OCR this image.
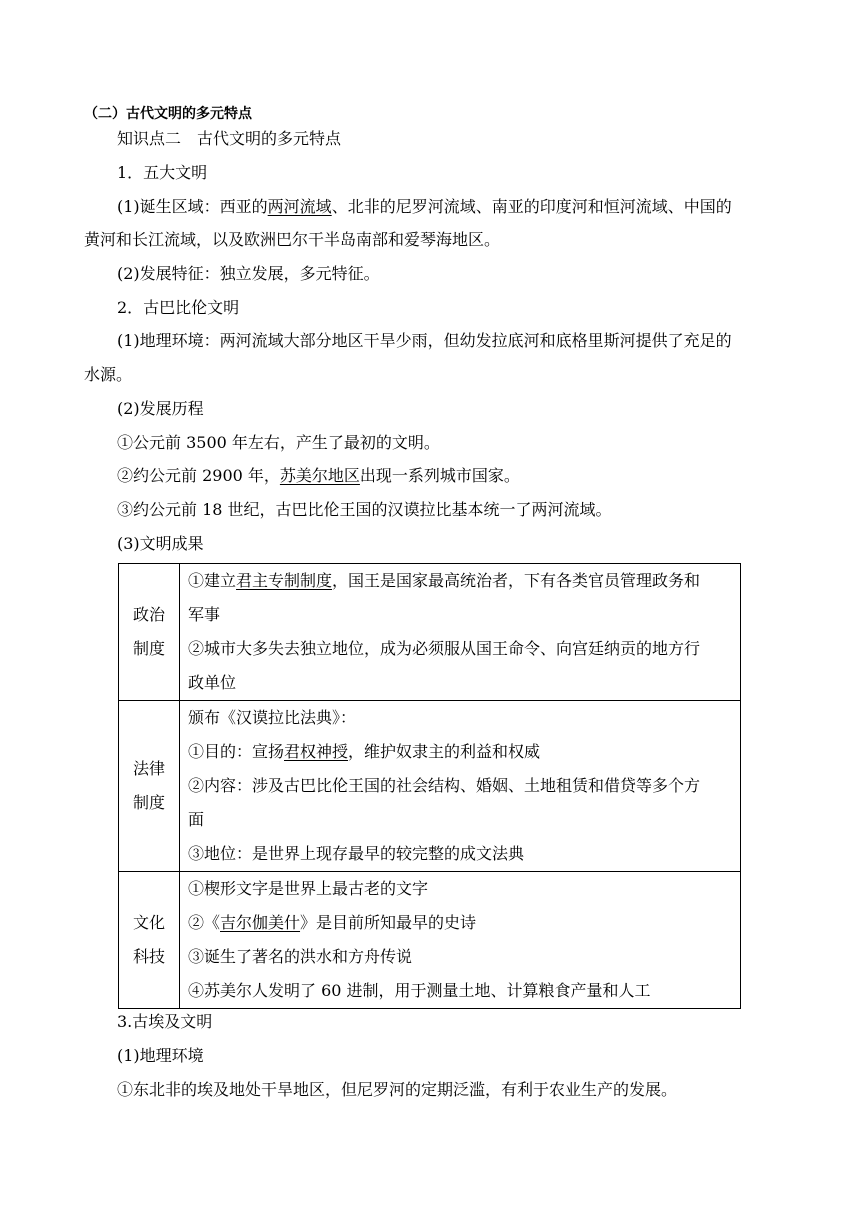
（二）古代文明的多元特点
知识点二　古代文明的多元特点
1．五大文明
(1)诞生区域：西亚的两河流域、北非的尼罗河流域、南亚的印度河和恒河流域、中国的
黄河和长江流域，以及欧洲巴尔干半岛南部和爱琴海地区。
(2)发展特征：独立发展，多元特征。
2．古巴比伦文明
(1)地理环境：两河流域大部分地区干旱少雨，但幼发拉底河和底格里斯河提供了充足的
水源。
(2)发展历程
①公元前 3500 年左右，产生了最初的文明。
②约公元前 2900 年，苏美尔地区出现一系列城市国家。
③约公元前 18 世纪，古巴比伦王国的汉谟拉比基本统一了两河流域。
(3)文明成果
政治
制度	①建立君主专制制度，国王是国家最高统治者，下有各类官员管理政务和
军事
②城市大多失去独立地位，成为必须服从国王命令、向宫廷纳贡的地方行
政单位

法律
制度	颁布《汉谟拉比法典》：
①目的：宣扬君权神授，维护奴隶主的利益和权威
②内容：涉及古巴比伦王国的社会结构、婚姻、土地租赁和借贷等多个方
面
③地位：是世界上现存最早的较完整的成文法典

文化
科技	①楔形文字是世界上最古老的文字
②《吉尔伽美什》是目前所知最早的史诗
③诞生了著名的洪水和方舟传说
④苏美尔人发明了 60 进制，用于测量土地、计算粮食产量和人工
3.古埃及文明
(1)地理环境
①东北非的埃及地处干旱地区，但尼罗河的定期泛滥，有利于农业生产的发展。
